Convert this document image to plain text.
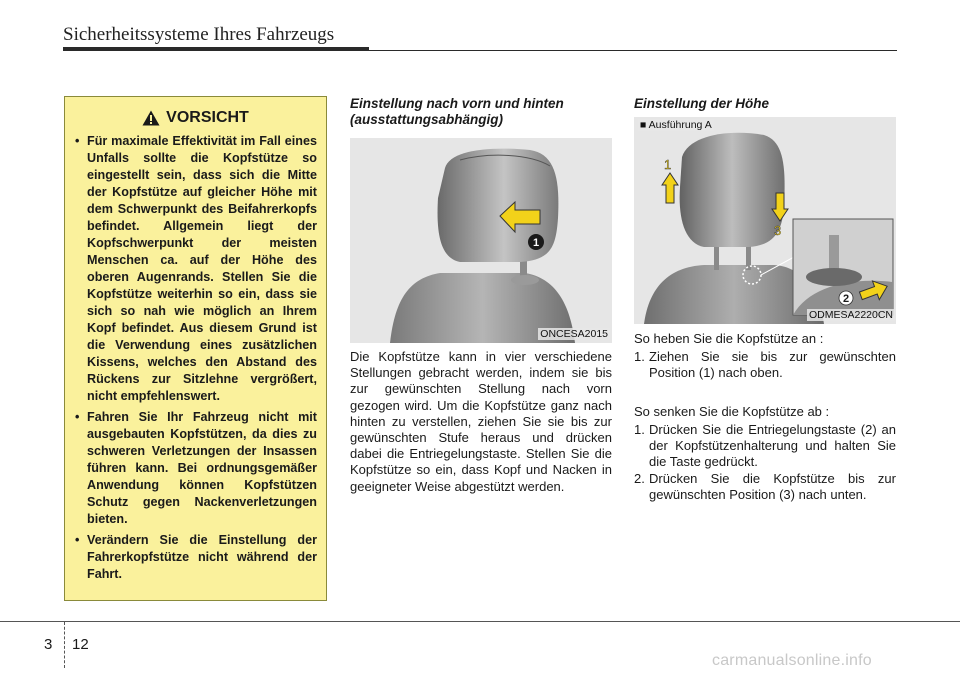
Sicherheitssysteme Ihres Fahrzeugs
VORSICHT
• Für maximale Effektivität im Fall eines Unfalls sollte die Kopfstütze so eingestellt sein, dass sich die Mitte der Kopfstütze auf gleicher Höhe mit dem Schwerpunkt des Beifahrerkopfs befindet. Allgemein liegt der Kopfschwerpunkt der meisten Menschen ca. auf der Höhe des oberen Augenrands. Stellen Sie die Kopfstütze weiterhin so ein, dass sie sich so nah wie möglich an Ihrem Kopf befindet. Aus diesem Grund ist die Verwendung eines zusätzlichen Kissens, welches den Abstand des Rückens zur Sitzlehne vergrößert, nicht empfehlenswert.
• Fahren Sie Ihr Fahrzeug nicht mit ausgebauten Kopfstützen, da dies zu schweren Verletzungen der Insassen führen kann. Bei ordnungsgemäßer Anwendung können Kopfstützen Schutz gegen Nackenverletzungen bieten.
• Verändern Sie die Einstellung der Fahrerkopfstütze nicht während der Fahrt.
Einstellung nach vorn und hinten (ausstattungsabhängig)
1
ONCESA2015
Die Kopfstütze kann in vier verschiedene Stellungen gebracht werden, indem sie bis zur gewünschten Stellung nach vorn gezogen wird. Um die Kopfstütze ganz nach hinten zu verstellen, ziehen Sie sie bis zur gewünschten Stufe heraus und drücken dabei die Entriegelungstaste. Stellen Sie die Kopfstütze so ein, dass Kopf und Nacken in geeigneter Weise abgestützt werden.
Einstellung der Höhe
1
3
2
■ Ausführung A
ODMESA2220CN
So heben Sie die Kopfstütze an :
1. Ziehen Sie sie bis zur gewünschten Position (1) nach oben.
So senken Sie die Kopfstütze ab :
1. Drücken Sie die Entriegelungstaste (2) an der Kopfstützenhalterung und halten Sie die Taste gedrückt.
2. Drücken Sie die Kopfstütze bis zur gewünschten Position (3) nach unten.
3 12
carmanualsonline.info
